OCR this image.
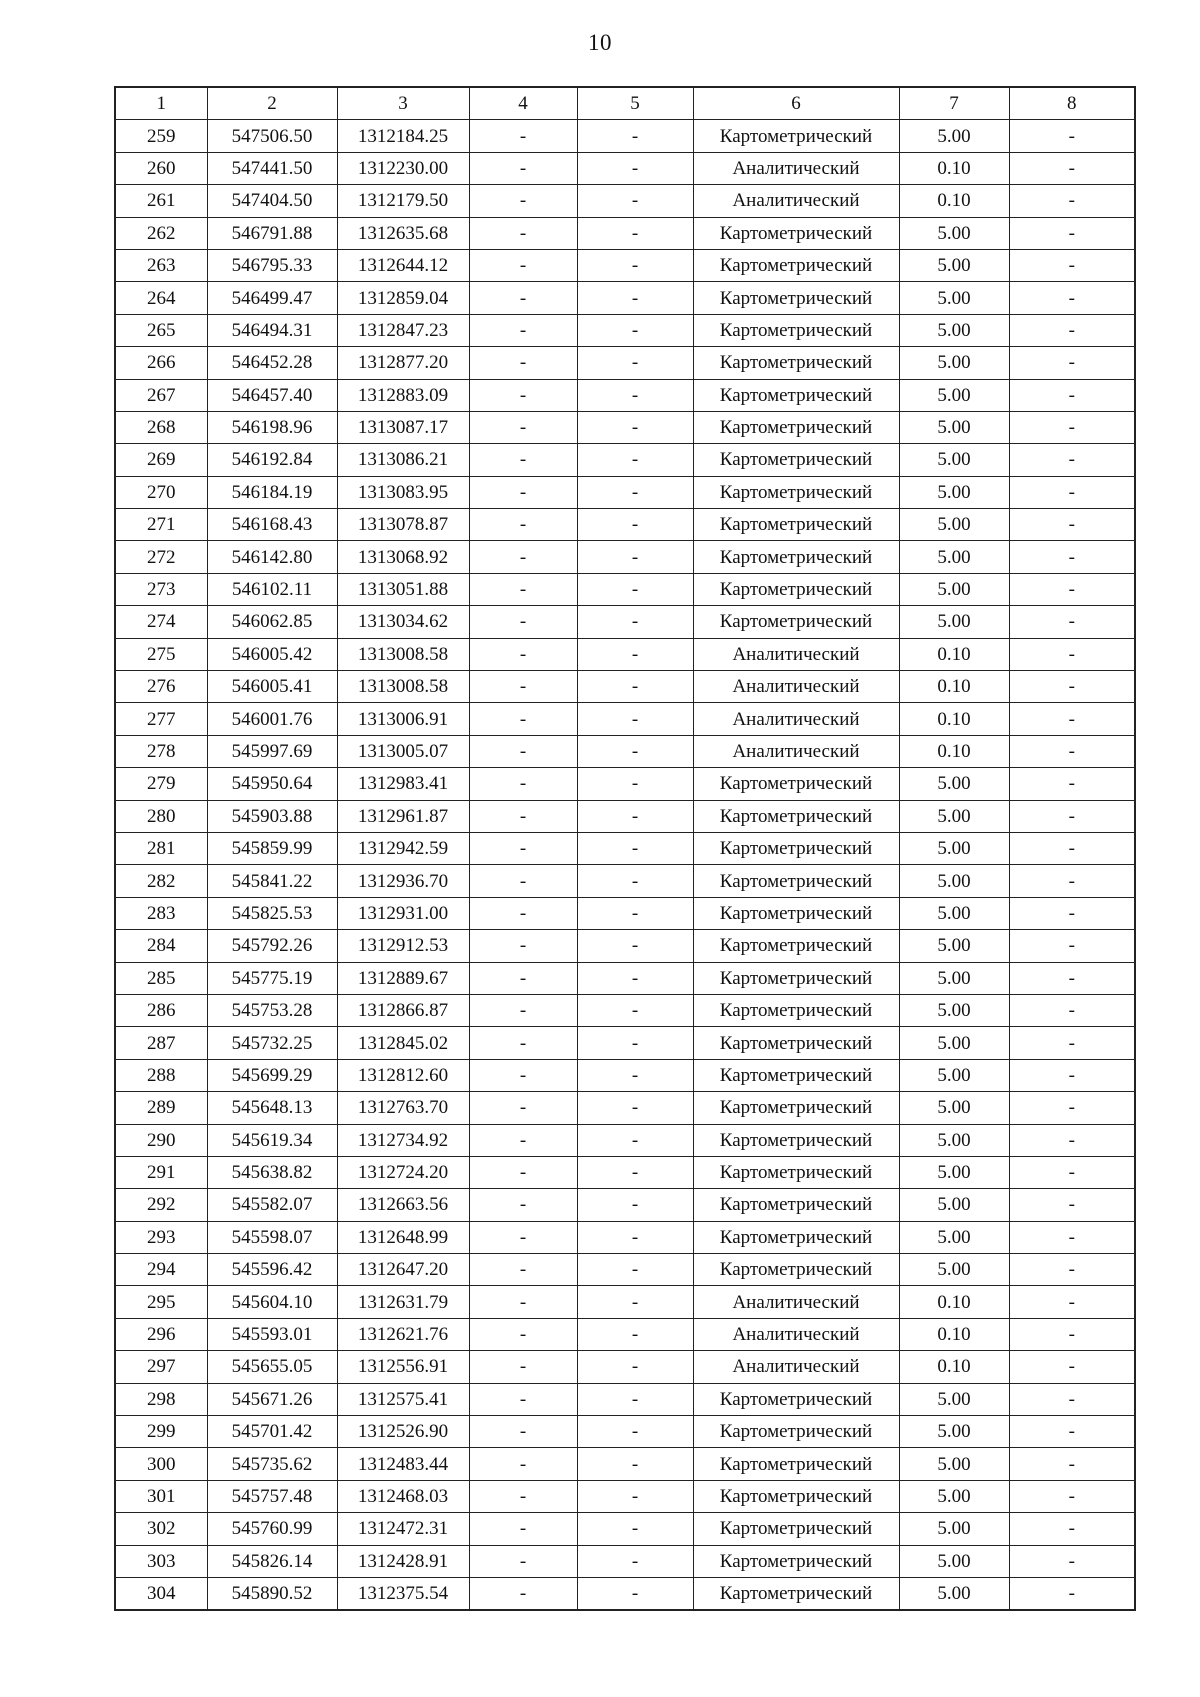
10
1	2	3	4	5	6	7	8
259	547506.50	1312184.25	-	-	Картометрический	5.00	-
260	547441.50	1312230.00	-	-	Аналитический	0.10	-
261	547404.50	1312179.50	-	-	Аналитический	0.10	-
262	546791.88	1312635.68	-	-	Картометрический	5.00	-
263	546795.33	1312644.12	-	-	Картометрический	5.00	-
264	546499.47	1312859.04	-	-	Картометрический	5.00	-
265	546494.31	1312847.23	-	-	Картометрический	5.00	-
266	546452.28	1312877.20	-	-	Картометрический	5.00	-
267	546457.40	1312883.09	-	-	Картометрический	5.00	-
268	546198.96	1313087.17	-	-	Картометрический	5.00	-
269	546192.84	1313086.21	-	-	Картометрический	5.00	-
270	546184.19	1313083.95	-	-	Картометрический	5.00	-
271	546168.43	1313078.87	-	-	Картометрический	5.00	-
272	546142.80	1313068.92	-	-	Картометрический	5.00	-
273	546102.11	1313051.88	-	-	Картометрический	5.00	-
274	546062.85	1313034.62	-	-	Картометрический	5.00	-
275	546005.42	1313008.58	-	-	Аналитический	0.10	-
276	546005.41	1313008.58	-	-	Аналитический	0.10	-
277	546001.76	1313006.91	-	-	Аналитический	0.10	-
278	545997.69	1313005.07	-	-	Аналитический	0.10	-
279	545950.64	1312983.41	-	-	Картометрический	5.00	-
280	545903.88	1312961.87	-	-	Картометрический	5.00	-
281	545859.99	1312942.59	-	-	Картометрический	5.00	-
282	545841.22	1312936.70	-	-	Картометрический	5.00	-
283	545825.53	1312931.00	-	-	Картометрический	5.00	-
284	545792.26	1312912.53	-	-	Картометрический	5.00	-
285	545775.19	1312889.67	-	-	Картометрический	5.00	-
286	545753.28	1312866.87	-	-	Картометрический	5.00	-
287	545732.25	1312845.02	-	-	Картометрический	5.00	-
288	545699.29	1312812.60	-	-	Картометрический	5.00	-
289	545648.13	1312763.70	-	-	Картометрический	5.00	-
290	545619.34	1312734.92	-	-	Картометрический	5.00	-
291	545638.82	1312724.20	-	-	Картометрический	5.00	-
292	545582.07	1312663.56	-	-	Картометрический	5.00	-
293	545598.07	1312648.99	-	-	Картометрический	5.00	-
294	545596.42	1312647.20	-	-	Картометрический	5.00	-
295	545604.10	1312631.79	-	-	Аналитический	0.10	-
296	545593.01	1312621.76	-	-	Аналитический	0.10	-
297	545655.05	1312556.91	-	-	Аналитический	0.10	-
298	545671.26	1312575.41	-	-	Картометрический	5.00	-
299	545701.42	1312526.90	-	-	Картометрический	5.00	-
300	545735.62	1312483.44	-	-	Картометрический	5.00	-
301	545757.48	1312468.03	-	-	Картометрический	5.00	-
302	545760.99	1312472.31	-	-	Картометрический	5.00	-
303	545826.14	1312428.91	-	-	Картометрический	5.00	-
304	545890.52	1312375.54	-	-	Картометрический	5.00	-
